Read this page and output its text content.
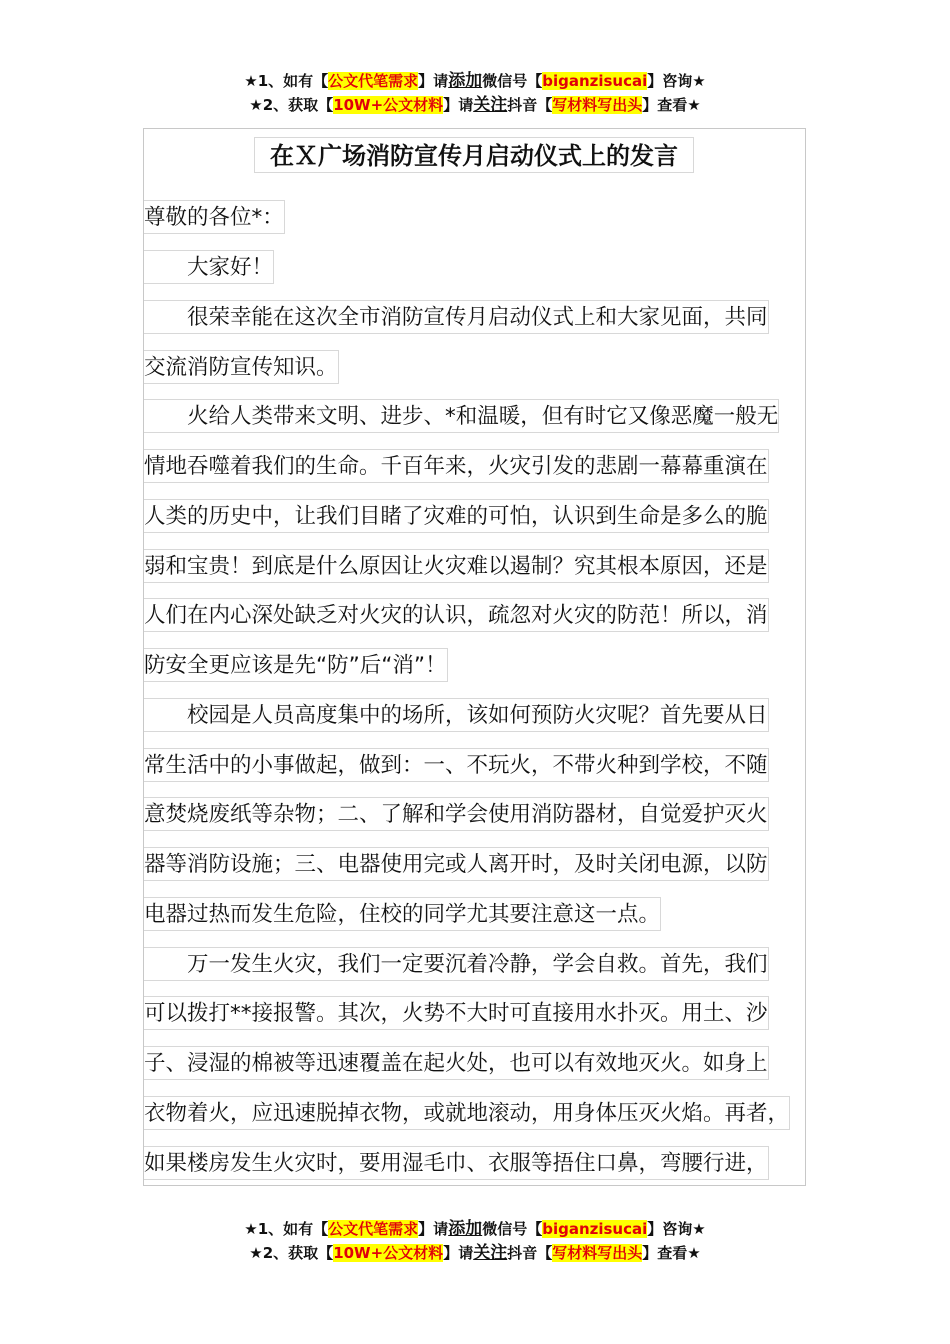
★1、如有【公文代笔需求】请添加微信号【biganzisucai】咨询★
★2、获取【10W+公文材料】请关注抖音【写材料写出头】查看★
在Ｘ广场消防宣传月启动仪式上的发言
尊敬的各位*：
　　大家好！
　　很荣幸能在这次全市消防宣传月启动仪式上和大家见面，共同
交流消防宣传知识。
　　火给人类带来文明、进步、*和温暖，但有时它又像恶魔一般无
情地吞噬着我们的生命。千百年来，火灾引发的悲剧一幕幕重演在
人类的历史中，让我们目睹了灾难的可怕，认识到生命是多么的脆
弱和宝贵！到底是什么原因让火灾难以遏制？究其根本原因，还是
人们在内心深处缺乏对火灾的认识，疏忽对火灾的防范！所以，消
防安全更应该是先“防”后“消”！
　　校园是人员高度集中的场所，该如何预防火灾呢？首先要从日
常生活中的小事做起，做到：一、不玩火，不带火种到学校，不随
意焚烧废纸等杂物；二、了解和学会使用消防器材，自觉爱护灭火
器等消防设施；三、电器使用完或人离开时，及时关闭电源，以防
电器过热而发生危险，住校的同学尤其要注意这一点。
　　万一发生火灾，我们一定要沉着冷静，学会自救。首先，我们
可以拨打**接报警。其次，火势不大时可直接用水扑灭。用土、沙
子、浸湿的棉被等迅速覆盖在起火处，也可以有效地灭火。如身上
衣物着火，应迅速脱掉衣物，或就地滚动，用身体压灭火焰。再者，
如果楼房发生火灾时，要用湿毛巾、衣服等捂住口鼻，弯腰行进，
★1、如有【公文代笔需求】请添加微信号【biganzisucai】咨询★
★2、获取【10W+公文材料】请关注抖音【写材料写出头】查看★
